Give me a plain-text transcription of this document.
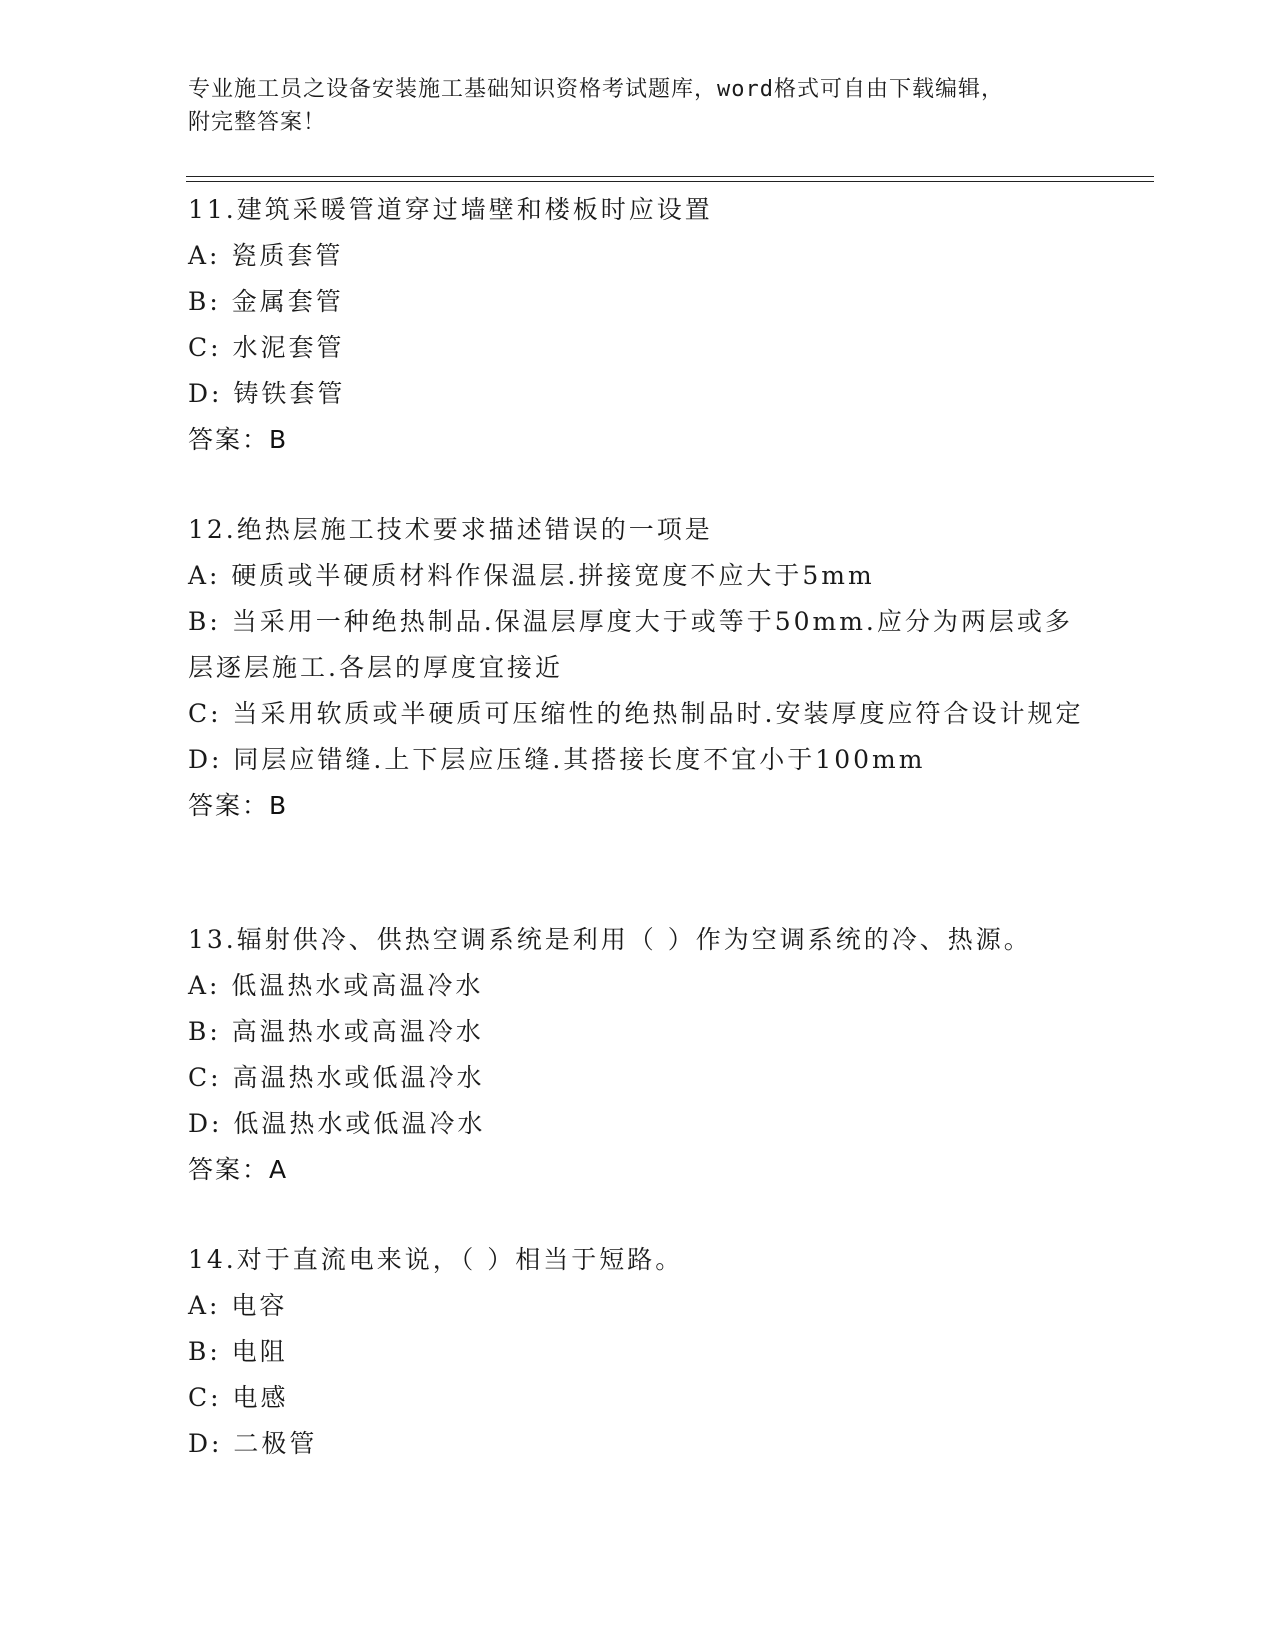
专业施工员之设备安装施工基础知识资格考试题库，word格式可自由下载编辑，
附完整答案！
11.建筑采暖管道穿过墙壁和楼板时应设置
A: 瓷质套管
B: 金属套管
C: 水泥套管
D: 铸铁套管
答案：B
12.绝热层施工技术要求描述错误的一项是
A: 硬质或半硬质材料作保温层.拼接宽度不应大于5mm
B: 当采用一种绝热制品.保温层厚度大于或等于50mm.应分为两层或多层逐层施工.各层的厚度宜接近
C: 当采用软质或半硬质可压缩性的绝热制品时.安装厚度应符合设计规定
D: 同层应错缝.上下层应压缝.其搭接长度不宜小于100mm
答案：B
13.辐射供冷、供热空调系统是利用（ ）作为空调系统的冷、热源。
A: 低温热水或高温冷水
B: 高温热水或高温冷水
C: 高温热水或低温冷水
D: 低温热水或低温冷水
答案：A
14.对于直流电来说，（ ）相当于短路。
A: 电容
B: 电阻
C: 电感
D: 二极管
